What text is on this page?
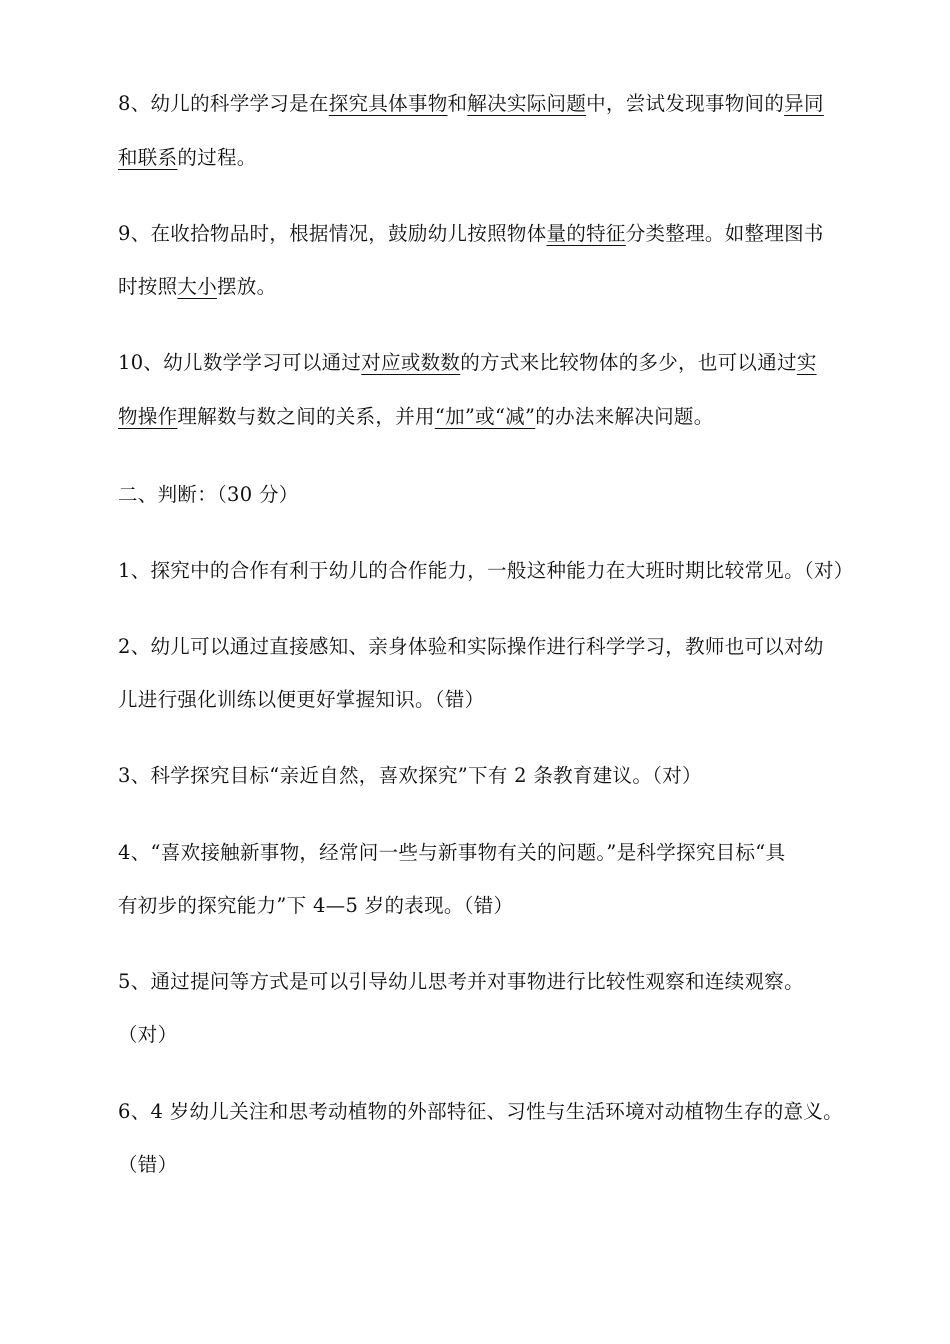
8、幼儿的科学学习是在探究具体事物和解决实际问题中，尝试发现事物间的异同
和联系的过程。
9、在收拾物品时，根据情况，鼓励幼儿按照物体量的特征分类整理。如整理图书
时按照大小摆放。
10、幼儿数学学习可以通过对应或数数的方式来比较物体的多少，也可以通过实
物操作理解数与数之间的关系，并用“加”或“减”的办法来解决问题。
二、判断：（30 分）
1、探究中的合作有利于幼儿的合作能力，一般这种能力在大班时期比较常见。（对）
2、幼儿可以通过直接感知、亲身体验和实际操作进行科学学习，教师也可以对幼
儿进行强化训练以便更好掌握知识。（错）
3、科学探究目标“亲近自然，喜欢探究”下有 2 条教育建议。（对）
4、“喜欢接触新事物，经常问一些与新事物有关的问题。”是科学探究目标“具
有初步的探究能力”下 4—5 岁的表现。（错）
5、通过提问等方式是可以引导幼儿思考并对事物进行比较性观察和连续观察。
（对）
6、4 岁幼儿关注和思考动植物的外部特征、习性与生活环境对动植物生存的意义。
（错）
